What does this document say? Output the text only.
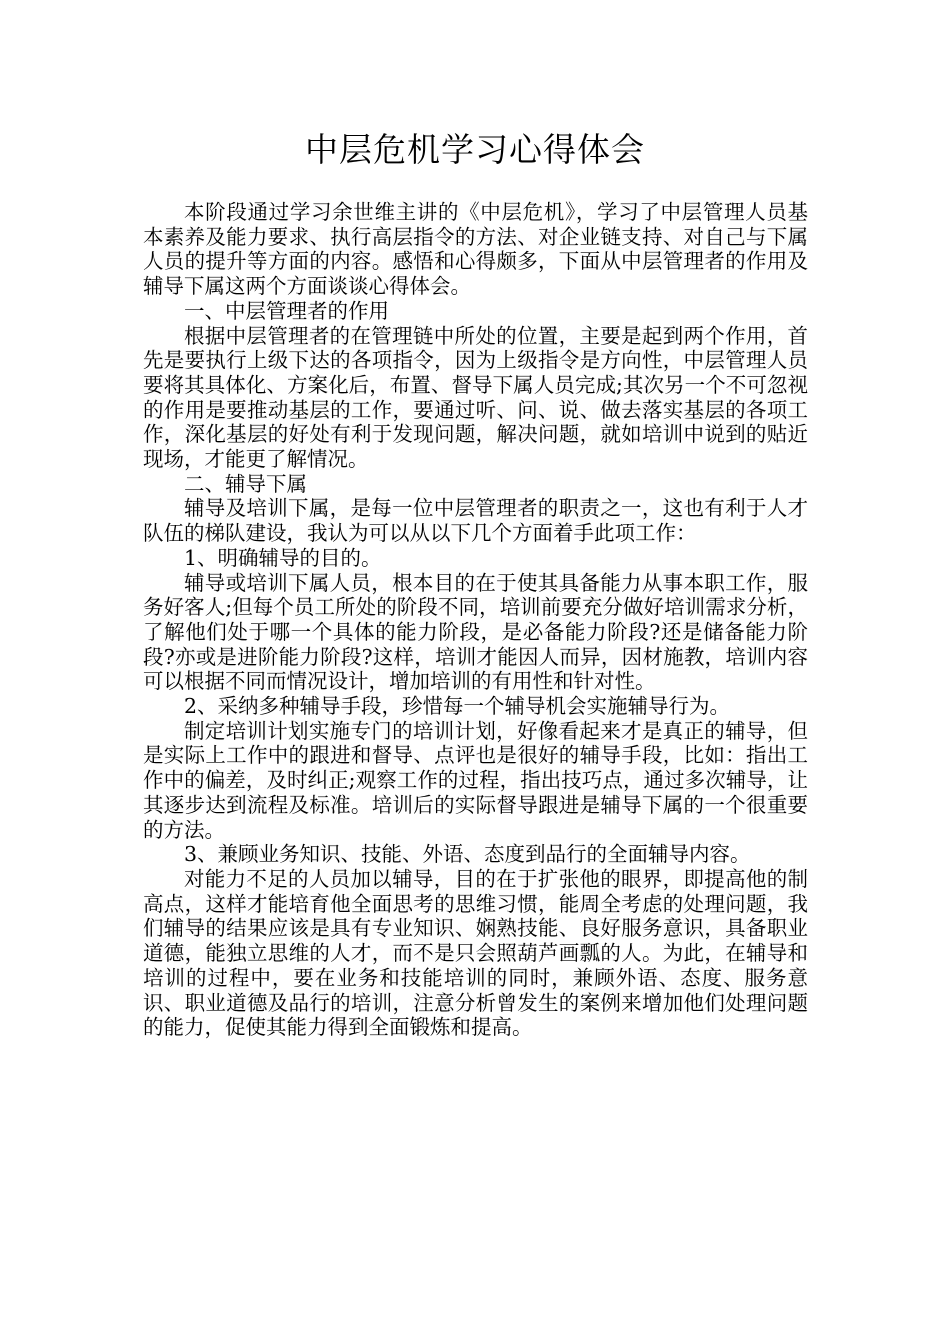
中层危机学习心得体会

本阶段通过学习余世维主讲的《中层危机》，学习了中层管理人员基本素养及能力要求、执行高层指令的方法、对企业链支持、对自己与下属人员的提升等方面的内容。感悟和心得颇多，下面从中层管理者的作用及辅导下属这两个方面谈谈心得体会。

一、中层管理者的作用

根据中层管理者的在管理链中所处的位置，主要是起到两个作用，首先是要执行上级下达的各项指令，因为上级指令是方向性，中层管理人员要将其具体化、方案化后，布置、督导下属人员完成;其次另一个不可忽视的作用是要推动基层的工作，要通过听、问、说、做去落实基层的各项工作，深化基层的好处有利于发现问题，解决问题，就如培训中说到的贴近现场，才能更了解情况。

二、辅导下属

辅导及培训下属，是每一位中层管理者的职责之一，这也有利于人才队伍的梯队建设，我认为可以从以下几个方面着手此项工作：

1、明确辅导的目的。

辅导或培训下属人员，根本目的在于使其具备能力从事本职工作，服务好客人;但每个员工所处的阶段不同，培训前要充分做好培训需求分析，了解他们处于哪一个具体的能力阶段，是必备能力阶段?还是储备能力阶段?亦或是进阶能力阶段?这样，培训才能因人而异，因材施教，培训内容可以根据不同而情况设计，增加培训的有用性和针对性。

2、采纳多种辅导手段，珍惜每一个辅导机会实施辅导行为。

制定培训计划实施专门的培训计划，好像看起来才是真正的辅导，但是实际上工作中的跟进和督导、点评也是很好的辅导手段，比如：指出工作中的偏差，及时纠正;观察工作的过程，指出技巧点，通过多次辅导，让其逐步达到流程及标准。培训后的实际督导跟进是辅导下属的一个很重要的方法。

3、兼顾业务知识、技能、外语、态度到品行的全面辅导内容。

对能力不足的人员加以辅导，目的在于扩张他的眼界，即提高他的制高点，这样才能培育他全面思考的思维习惯，能周全考虑的处理问题，我们辅导的结果应该是具有专业知识、娴熟技能、良好服务意识，具备职业道德，能独立思维的人才，而不是只会照葫芦画瓢的人。为此，在辅导和培训的过程中，要在业务和技能培训的同时，兼顾外语、态度、服务意识、职业道德及品行的培训，注意分析曾发生的案例来增加他们处理问题的能力，促使其能力得到全面锻炼和提高。
